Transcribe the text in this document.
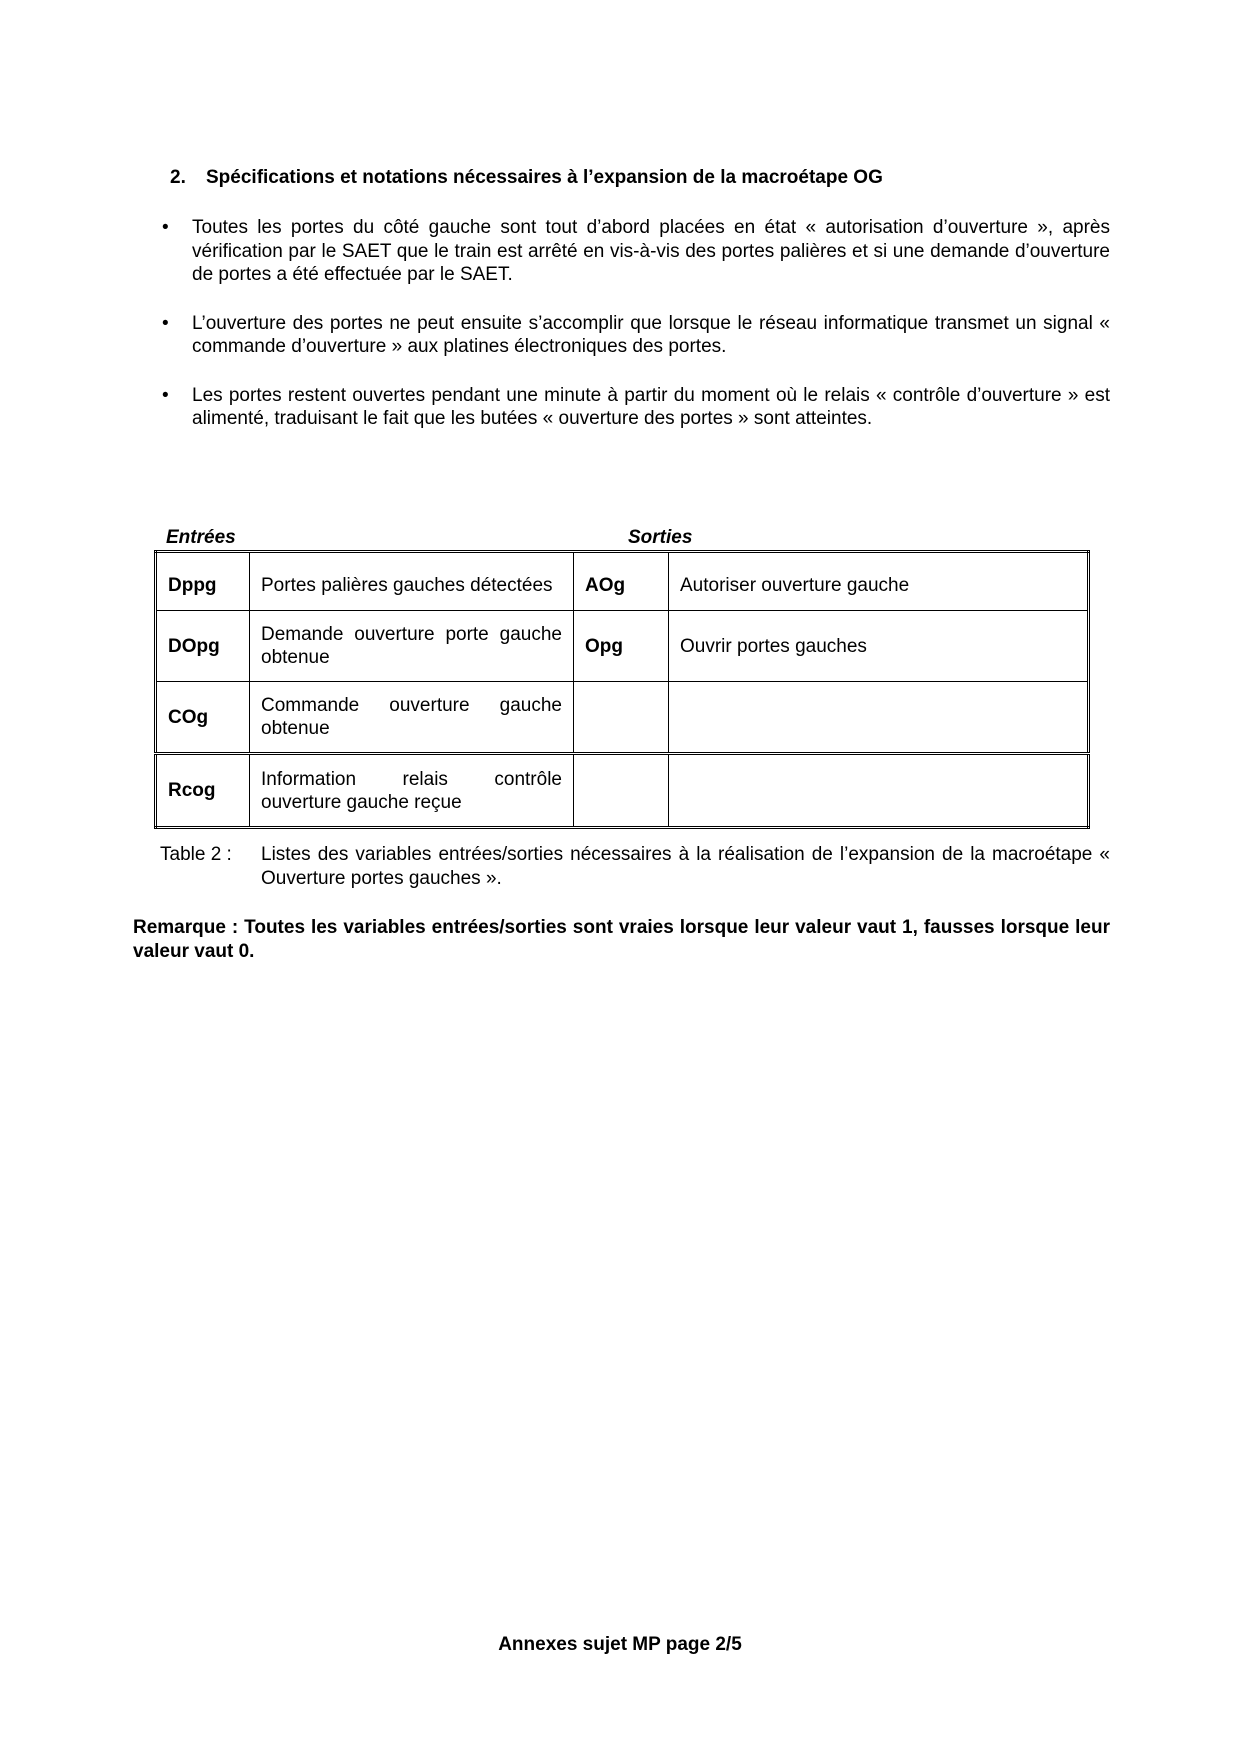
2. Spécifications et notations nécessaires à l’expansion de la macroétape OG
• Toutes les portes du côté gauche sont tout d’abord placées en état « autorisation d’ouverture », après vérification par le SAET que le train est arrêté en vis-à-vis des portes palières et si une demande d’ouverture de portes a été effectuée par le SAET.
• L’ouverture des portes ne peut ensuite s’accomplir que lorsque le réseau informatique transmet un signal « commande d’ouverture » aux platines électroniques des portes.
• Les portes restent ouvertes pendant une minute à partir du moment où le relais « contrôle d’ouverture » est alimenté, traduisant le fait que les butées « ouverture des portes » sont atteintes.
Entrées	Sorties
Dppg	Portes palières gauches détectées	AOg	Autoriser ouverture gauche
DOpg	Demande ouverture porte gauche obtenue	Opg	Ouvrir portes gauches
COg	Commande ouverture gauche obtenue		
Rcog	Information relais contrôle ouverture gauche reçue		
Table 2 : Listes des variables entrées/sorties nécessaires à la réalisation de l’expansion de la macroétape « Ouverture portes gauches ».
Remarque : Toutes les variables entrées/sorties sont vraies lorsque leur valeur vaut 1, fausses lorsque leur valeur vaut 0.
Annexes sujet MP page 2/5
